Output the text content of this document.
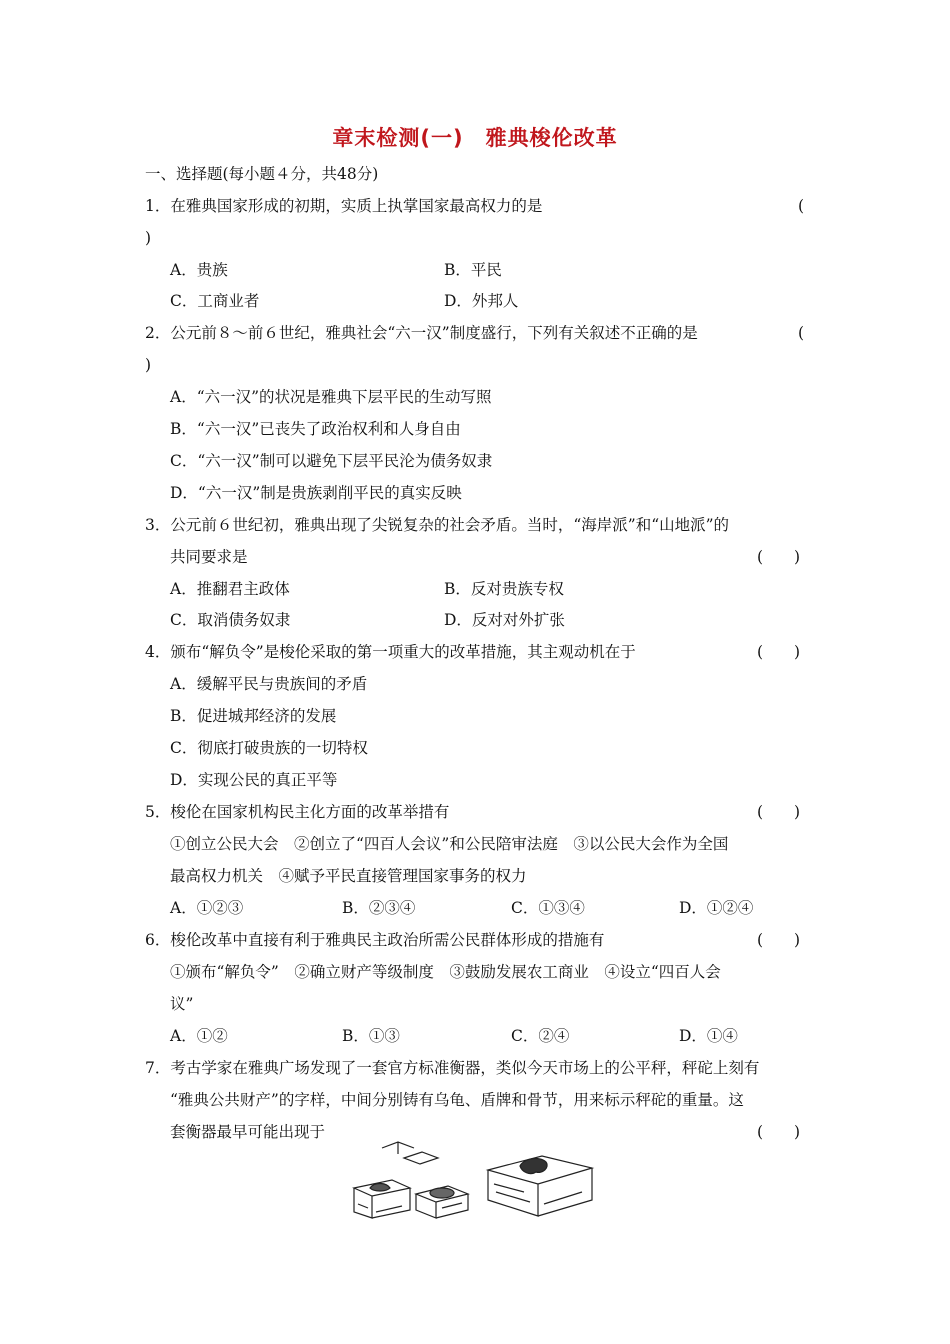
章末检测(一)　雅典梭伦改革
一、选择题(每小题４分，共48分)
1．在雅典国家形成的初期，实质上执掌国家最高权力的是	(
)
A．贵族	B．平民
C．工商业者	D．外邦人
2．公元前８～前６世纪，雅典社会“六一汉”制度盛行，下列有关叙述不正确的是	(
)
A．“六一汉”的状况是雅典下层平民的生动写照
B．“六一汉”已丧失了政治权利和人身自由
C．“六一汉”制可以避免下层平民沦为债务奴隶
D．“六一汉”制是贵族剥削平民的真实反映
3．公元前６世纪初，雅典出现了尖锐复杂的社会矛盾。当时，“海岸派”和“山地派”的
共同要求是	(　　)
A．推翻君主政体	B．反对贵族专权
C．取消债务奴隶	D．反对对外扩张
4．颁布“解负令”是梭伦采取的第一项重大的改革措施，其主观动机在于	(　　)
A．缓解平民与贵族间的矛盾
B．促进城邦经济的发展
C．彻底打破贵族的一切特权
D．实现公民的真正平等
5．梭伦在国家机构民主化方面的改革举措有	(　　)
①创立公民大会　②创立了“四百人会议”和公民陪审法庭　③以公民大会作为全国
最高权力机关　④赋予平民直接管理国家事务的权力
A．①②③	B．②③④	C．①③④	D．①②④
6．梭伦改革中直接有利于雅典民主政治所需公民群体形成的措施有	(　　)
①颁布“解负令”　②确立财产等级制度　③鼓励发展农工商业　④设立“四百人会
议”
A．①②	B．①③	C．②④	D．①④
7．考古学家在雅典广场发现了一套官方标准衡器，类似今天市场上的公平秤，秤砣上刻有
“雅典公共财产”的字样，中间分别铸有乌龟、盾牌和骨节，用来标示秤砣的重量。这
套衡器最早可能出现于	(　　)
